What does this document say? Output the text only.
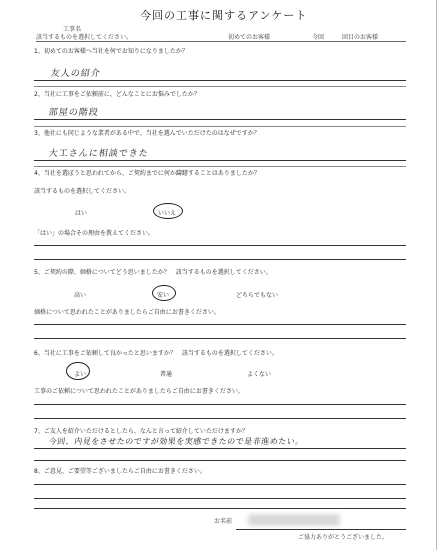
今回の工事に関するアンケート
工事名
該当するものを選択してください。	初めてのお客様	今回	回目のお客様
1、初めてのお客様へ当社を何でお知りになりましたか？
友人の紹介
2、当社に工事をご依頼前に、どんなことにお悩みでしたか？
部屋の階段
3、他社にも同じような業者がある中で、当社を選んでいただけたのはなぜですか？
大工さんに相談できた
4、当社を選ぼうと思われてから、ご契約までに何か躊躇することはありましたか？
該当するものを選択してください。
はい	いいえ
「はい」の場合その理由を教えてください。
5、ご契約の際、価格についてどう思いましたか？　該当するものを選択してください。
高い	安い	どちらでもない
価格について思われたことがありましたらご自由にお書きください。
6、当社に工事をご依頼して良かったと思いますか？　該当するものを選択してください。
よい	普通	よくない
工事のご依頼について思われたことがありましたらご自由にお書きください。
7、ご友人を紹介いただけるとしたら、なんと言って紹介していただけますか？
今回、内見をさせたのですが効果を実感できたので是非進めたい。
8、ご意見、ご要望等ございましたらご自由にお書きください。
お名前
ご協力ありがとうございました。
